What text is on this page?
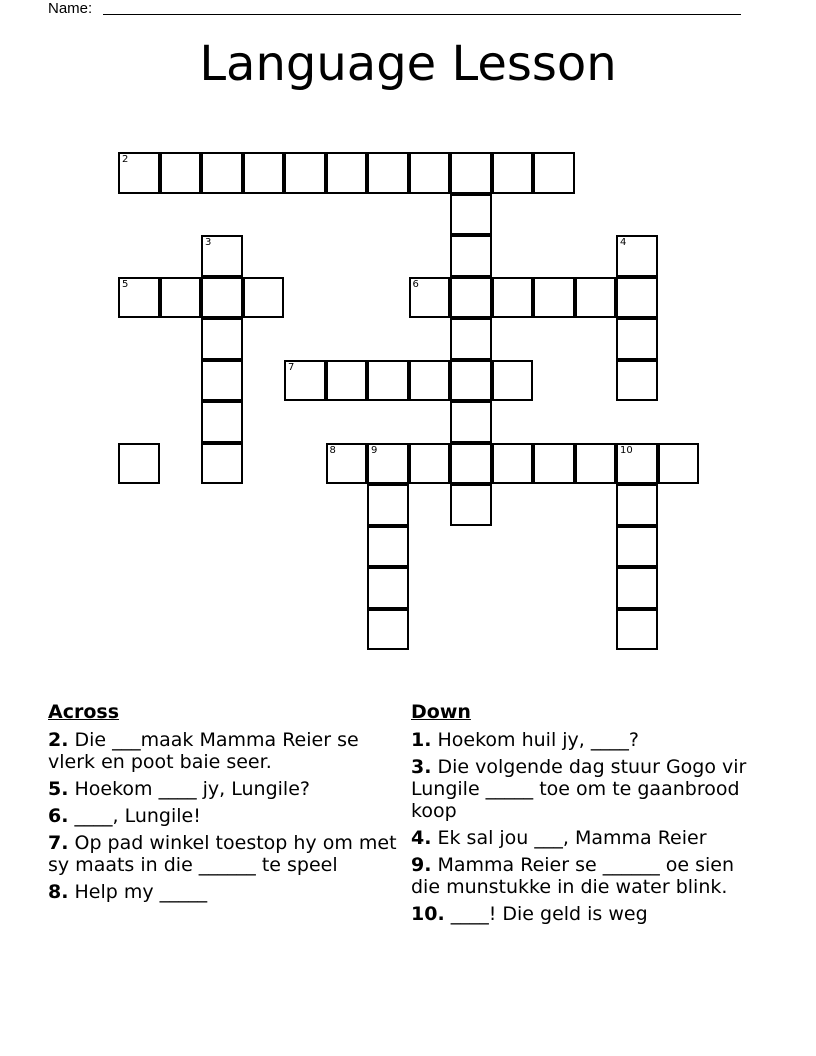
Name:
Language Lesson
2
3	4
5	6
7
8	9	10
Across
2. Die ___maak Mamma Reier se vlerk en poot baie seer.
5. Hoekom ____ jy, Lungile?
6. ____, Lungile!
7. Op pad winkel toestop hy om met sy maats in die ______ te speel
8. Help my _____
Down
1. Hoekom huil jy, ____?
3. Die volgende dag stuur Gogo vir Lungile _____ toe om te gaanbrood koop
4. Ek sal jou ___, Mamma Reier
9. Mamma Reier se ______ oe sien die munstukke in die water blink.
10. ____! Die geld is weg
